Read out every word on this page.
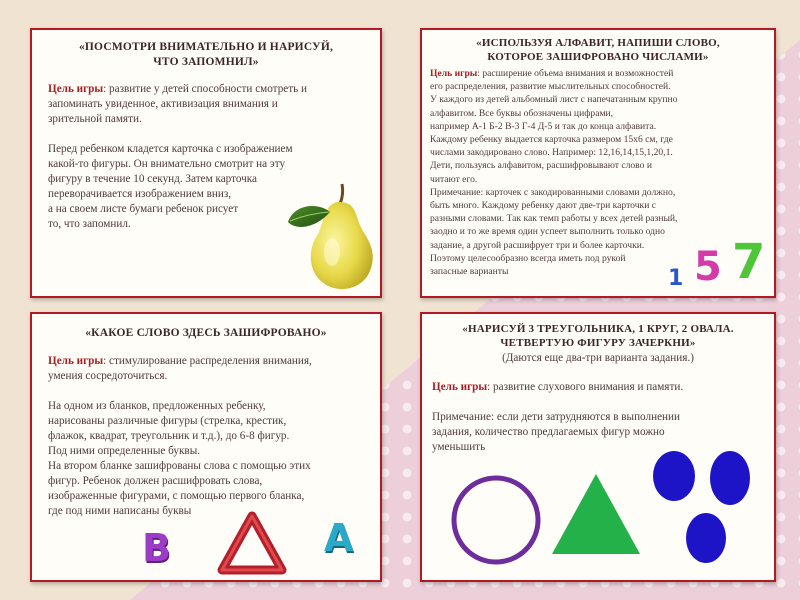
«ПОСМОТРИ ВНИМАТЕЛЬНО И НАРИСУЙ,
ЧТО ЗАПОМНИЛ»

Цель игры: развитие у детей способности смотреть и

запоминать увиденное, активизация внимания и

зрительной памяти.

Перед ребенком кладется карточка с изображением

какой-то фигуры. Он внимательно смотрит на эту

фигуру в течение 10 секунд. Затем карточка

переворачивается изображением вниз,

а на своем листе бумаги ребенок рисует

то, что запомнил.

«ИСПОЛЬЗУЯ АЛФАВИТ, НАПИШИ СЛОВО,
КОТОРОЕ ЗАШИФРОВАНО ЧИСЛАМИ»

Цель игры: расширение объема внимания и возможностей

его распределения, развитие мыслительных способностей.

У каждого из детей альбомный лист с напечатанным крупно

алфавитом. Все буквы обозначены цифрами,

например А-1 Б-2 В-3 Г-4 Д-5 и так до конца алфавита.

Каждому ребенку выдается карточка размером 15х6 см, где

числами закодировано слово. Например: 12,16,14,15,1,20,1.

Дети, пользуясь алфавитом, расшифровывают слово и

читают его.

Примечание: карточек с закодированными словами должно,

быть много. Каждому ребенку дают две-три карточки с

разными словами. Так как темп работы у всех детей разный,

заодно и то же время один успеет выполнить только одно

задание, а другой расшифрует три и более карточки.

Поэтому целесообразно всегда иметь под рукой

запасные варианты	1 5 7
«КАКОЕ СЛОВО ЗДЕСЬ ЗАШИФРОВАНО»

Цель игры: стимулирование распределения внимания,

умения сосредоточиться.

На одном из бланков, предложенных ребенку,

нарисованы различные фигуры (стрелка, крестик,

флажок, квадрат, треугольник и т.д.), до 6-8 фигур.

Под ними определенные буквы.

На втором бланке зашифрованы слова с помощью этих

фигур. Ребенок должен расшифровать слова,

изображенные фигурами, с помощью первого бланка,

где под ними написаны буквы

В	А
«НАРИСУЙ 3 ТРЕУГОЛЬНИКА, 1 КРУГ, 2 ОВАЛА.
ЧЕТВЕРТУЮ ФИГУРУ ЗАЧЕРКНИ»
(Даются еще два-три варианта задания.)

Цель игры: развитие слухового внимания и памяти.

Примечание: если дети затрудняются в выполнении

задания, количество предлагаемых фигур можно

уменьшить
